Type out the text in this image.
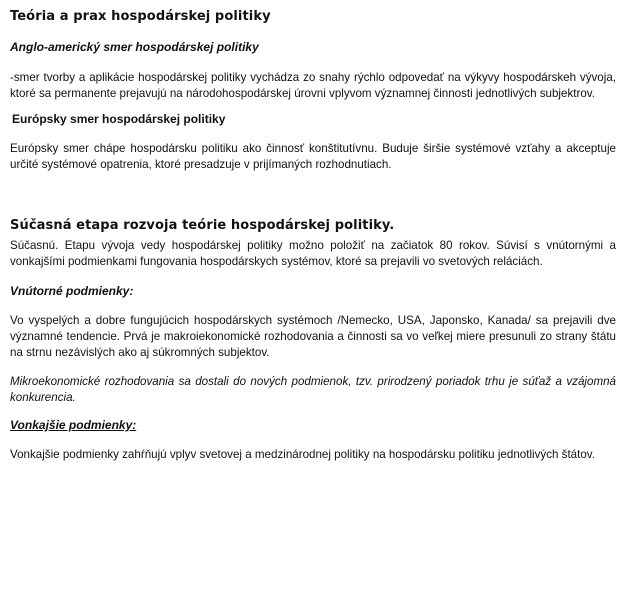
Teória a prax hospodárskej politiky
Anglo-americký smer hospodárskej politiky

-smer tvorby a aplikácie hospodárskej politiky vychádza zo snahy rýchlo odpovedať na výkyvy hospodárskeh vývoja, ktoré sa permanente prejavujú na národohospodárskej úrovni vplyvom významnej činnosti jednotlivých subjektrov.

Európsky smer hospodárskej politiky

Európsky smer chápe hospodársku politiku ako činnosť konštitutívnu. Buduje širšie systémové vzťahy a akceptuje určité systémové opatrenia, ktoré presadzuje v prijímaných rozhodnutiach.

Súčasná etapa rozvoja teórie hospodárskej politiky.

Súčasnú. Etapu vývoja vedy hospodárskej politiky možno položiť na začiatok 80 rokov. Súvisí s vnútornými a vonkajšími podmienkami fungovania hospodárskych systémov, ktoré sa prejavili vo svetových reláciách.

Vnútorné podmienky:

Vo vyspelých a dobre fungujúcich hospodárskych systémoch /Nemecko, USA, Japonsko, Kanada/ sa prejavili dve významné tendencie. Prvá je makroiekonomické rozhodovania a činnosti sa vo veľkej miere presunuli zo strany štátu na strnu nezávislých ako aj súkromných subjektov.

Mikroekonomické rozhodovania sa dostali do nových podmienok, tzv. prirodzený poriadok trhu je súťaž a vzájomná konkurencia.

Vonkajšie podmienky:

Vonkajšie podmienky zahŕňujú vplyv svetovej a medzinárodnej politiky na hospodársku politiku jednotlivých štátov.
